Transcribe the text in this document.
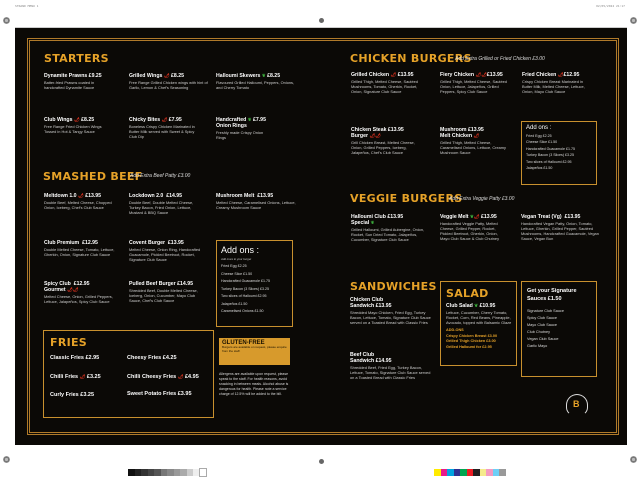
STRAND MENU 1	02/05/2024 21:17
STARTERS
Dynamite Prawns £9.25
Batter-fried Prawns coated in handcrafted Dynamite Sauce
Grilled Wings 🌶︎ £8.25
Free Range Grilled Chicken wings with hint of Garlic, Lemon & Chef's Seasoning
Halloumi Skewers ❦ £8.25
Flavoured Grilled Halloumi, Peppers, Onions, and Cherry Tomato
Club Wings 🌶︎ £8.25
Free Range Fried Chicken Wings Tossed in Hot & Tangy Sauce
Chicky Bites 🌶︎ £7.95
Boneless Crispy Chicken Marinated in Butter Milk served with Sweet & Spicy Club Dip
Handcrafted ❦ £7.95
Onion Rings
Freshly made Crispy Onion Rings
SMASHED BEEF
Add Extra Beef Patty £3.00
Meltdown 1.0 🌶︎ £13.95
Double Beef, Melted Cheese, Chopped Onion, Iceberg, Chef's Club Sauce
Lockdown 2.0 £14.95
Double Beef, Double Melted Cheese, Turkey Bacon, Fried Onion, Lettuce, Mustard & BBQ Sauce
Mushroom Melt £13.95
Melted Cheese, Caramelised Onions, Lettuce, Creamy Mushroom Sauce
Club Premium £12.95
Double Melted Cheese, Tomato, Lettuce, Gherkin, Onion, Signature Club Sauce
Covent Burger £13.95
Melted Cheese, Onion Ring, Handcrafted Guacamole, Pickled Beetroot, Rocket, Signature Club Sauce
Spicy Club £12.95
Gourmet 🌶︎🌶︎
Melted Cheese, Onion, Grilled Peppers, Lettuce, Jalapeños, Spicy Club Sauce
Pulled Beef Burger £14.95
Shredded Beef, Double Melted Cheese, Iceberg, Onion, Cucumber, Mayo Club Sauce, Chef's Club Sauce
Add ons :
Add more to your burger
Fried Egg £2.25
Cheese Slice £1.50
Handcrafted Guacamole £1.75
Turkey Bacon (3 Slices) £3.25
Two slices of Halloumi £2.95
Jalapeños £1.50
Caramelised Onions £1.50
FRIES
Classic Fries £2.95	Cheesy Fries £4.25
Chilli Fries 🌶︎ £3.25	Chilli Cheesy Fries 🌶︎ £4.95
Curly Fries £3.25	Sweet Potato Fries £3.95
GLUTEN-FREE
Burgers are available on request, please enquire from the staff.
Allergens are available upon request, please speak to the staff. For health reasons, avoid snacking in between meals. Alcohol abuse is dangerous for health. Please note a service charge of 12.5% will be added to the bill.
CHICKEN BURGERS
Add Extra Grilled or Fried Chicken £3.00
Grilled Chicken 🌶︎ £13.95
Grilled Thigh, Melted Cheese, Sautéed Mushrooms, Tomato, Gherkin, Rocket, Onion, Signature Club Sauce
Fiery Chicken 🌶︎🌶︎£13.95
Grilled Thigh, Melted Cheese, Sautéed Onion, Lettuce, Jalapeños, Grilled Peppers, Spicy Club Sauce
Fried Chicken 🌶︎£12.95
Crispy Chicken Breast Marinated in Butter Milk, Melted Cheese, Lettuce, Onion, Mayo Club Sauce
Chicken Steak £13.95
Burger 🌶︎🌶︎
Grill Chicken Breast, Melted Cheese, Onion, Grilled Peppers, Iceberg, Jalapeños, Chef's Club Sauce
Mushroom £13.95
Melt Chicken 🌶︎
Grilled Thigh, Melted Cheese, Caramelised Onions, Lettuce, Creamy Mushroom Sauce
Add ons :
Fried Egg £2.25
Cheese Slice £1.50
Handcrafted Guacamole £1.75
Turkey Bacon (3 Slices) £3.25
Two slices of Halloumi £2.95
Jalapeños £1.50
VEGGIE BURGERS
Add Extra Veggie Patty £3.00
Halloumi Club £13.95
Special ❦
Grilled Halloumi, Grilled Aubergine, Onion, Rocket, Sun Dried Tomato, Jalapeños, Cucumber, Signature Club Sauce
Veggie Melt ❦🌶︎ £13.95
Handcrafted Veggie Patty, Melted Cheese, Grilled Pepper, Rocket, Pickled Beetroot, Gherkin, Onion, Mayo Club Sauce & Club Chutney
Vegan Treat (Vg) £13.95
Handcrafted Vegan Patty, Onion, Tomato, Lettuce, Gherkin, Grilled Pepper, Sautéed Mushrooms, Handcrafted Guacamole, Vegan Sauce, Vegan Bun
SANDWICHES
Chicken Club
Sandwich £13.95
Shredded Mayo Chicken, Fried Egg, Turkey Bacon, Lettuce, Tomato, Signature Club Sauce served on a Toasted Bread with Classic Fries
Beef Club
Sandwich £14.95
Shredded Beef, Fried Egg, Turkey Bacon, Lettuce, Tomato, Signature Club Sauce served on a Toasted Bread with Classic Fries
SALAD
Club Salad ❦ £10.95
Lettuce, Cucumber, Cherry Tomato, Rocket, Corn, Red Beans, Pineapple, Avocado, topped with Balsamic Glaze
ADD-ONS
Crispy Chicken Breast £3.00
Grilled Thigh Chicken £3.00
Grilled Halloumi for £2.95
Get your Signature Sauces £1.50
Signature Club Sauce
Spicy Club Sauce
Mayo Club Sauce
Club Chutney
Vegan Club Sauce
Garlic Mayo
B
